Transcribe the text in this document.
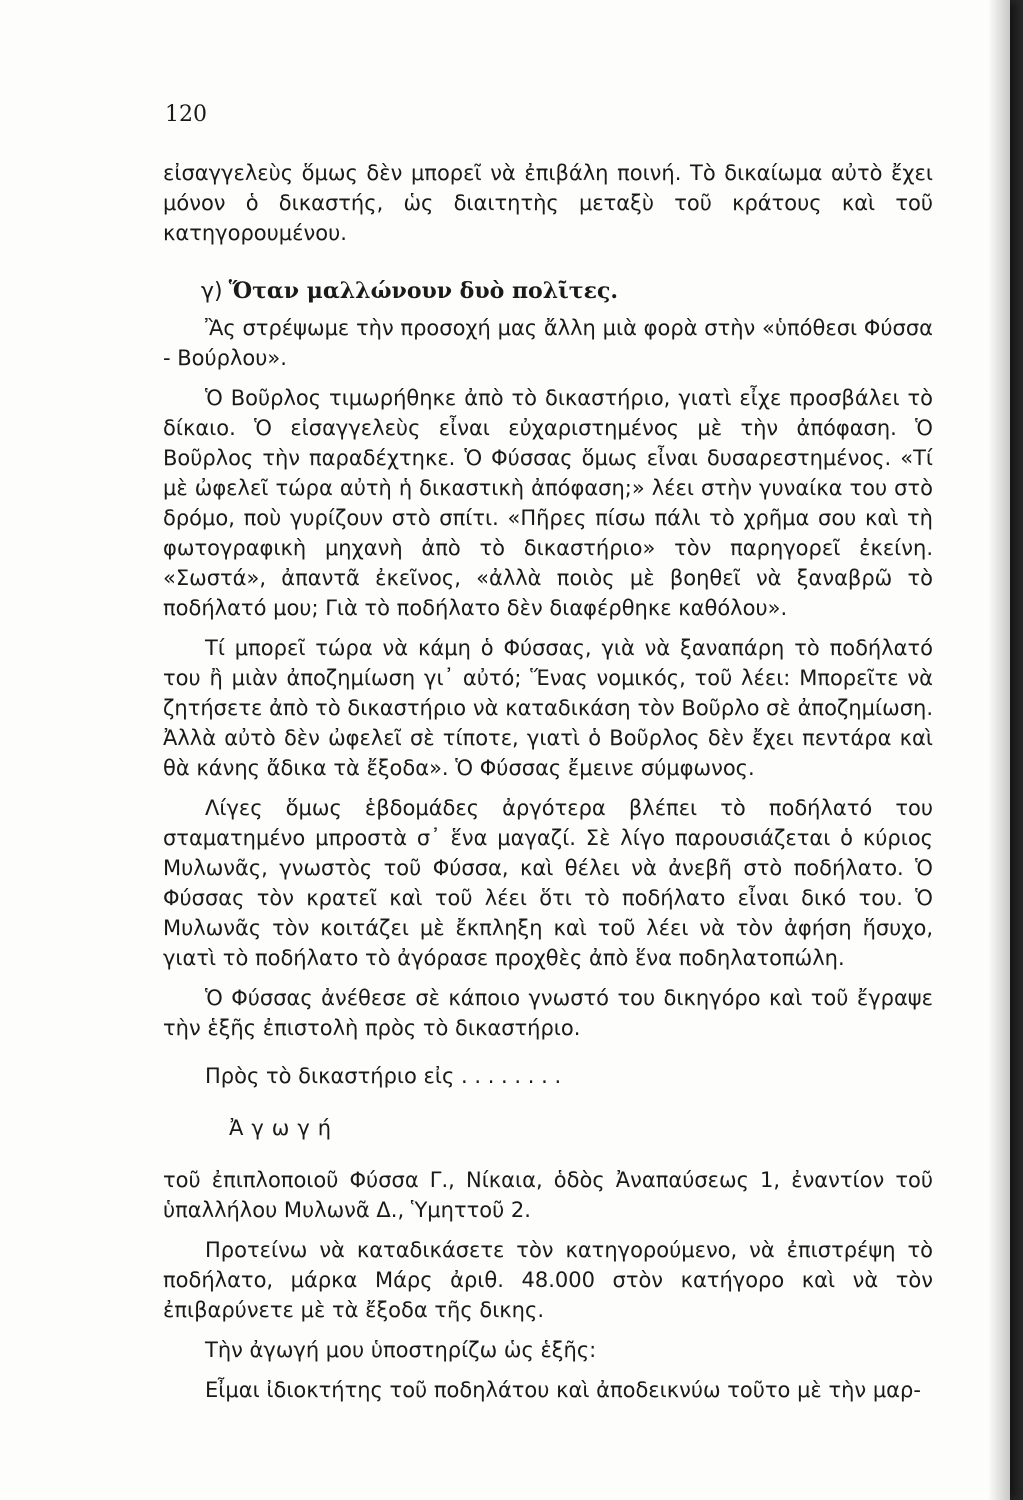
120

εἰσαγγελεὺς ὅμως δὲν μπορεῖ νὰ ἐπιβάλη ποινή. Τὸ δικαίωμα αὐτὸ ἔχει μόνον ὁ δικαστής, ὡς διαιτητὴς μεταξὺ τοῦ κράτους καὶ τοῦ κατηγορουμένου.

γ) Ὅταν μαλλώνουν δυὸ πολῖτες.

Ἂς στρέψωμε τὴν προσοχή μας ἄλλη μιὰ φορὰ στὴν «ὑπόθεσι Φύσσα - Βούρλου».

Ὁ Βοῦρλος τιμωρήθηκε ἀπὸ τὸ δικαστήριο, γιατὶ εἶχε προσβάλει τὸ δίκαιο. Ὁ εἰσαγγελεὺς εἶναι εὐχαριστημένος μὲ τὴν ἀπόφαση. Ὁ Βοῦρλος τὴν παραδέχτηκε. Ὁ Φύσσας ὅμως εἶναι δυσαρεστημένος. «Τί μὲ ὠφελεῖ τώρα αὐτὴ ἡ δικαστικὴ ἀπόφαση;» λέει στὴν γυναίκα του στὸ δρόμο, ποὺ γυρίζουν στὸ σπίτι. «Πῆρες πίσω πάλι τὸ χρῆμα σου καὶ τὴ φωτογραφικὴ μηχανὴ ἀπὸ τὸ δικαστήριο» τὸν παρηγορεῖ ἐκείνη. «Σωστά», ἀπαντᾶ ἐκεῖνος, «ἀλλὰ ποιὸς μὲ βοηθεῖ νὰ ξαναβρῶ τὸ ποδήλατό μου; Γιὰ τὸ ποδήλατο δὲν διαφέρθηκε καθόλου».

Τί μπορεῖ τώρα νὰ κάμη ὁ Φύσσας, γιὰ νὰ ξαναπάρη τὸ ποδήλατό του ἢ μιὰν ἀποζημίωση γι᾽ αὐτό; Ἕνας νομικός, τοῦ λέει: Μπορεῖτε νὰ ζητήσετε ἀπὸ τὸ δικαστήριο νὰ καταδικάση τὸν Βοῦρλο σὲ ἀποζημίωση. Ἀλλὰ αὐτὸ δὲν ὠφελεῖ σὲ τίποτε, γιατὶ ὁ Βοῦρλος δὲν ἔχει πεντάρα καὶ θὰ κάνης ἄδικα τὰ ἔξοδα». Ὁ Φύσσας ἔμεινε σύμφωνος.

Λίγες ὅμως ἑβδομάδες ἀργότερα βλέπει τὸ ποδήλατό του σταματημένο μπροστὰ σ᾽ ἕνα μαγαζί. Σὲ λίγο παρουσιάζεται ὁ κύριος Μυλωνᾶς, γνωστὸς τοῦ Φύσσα, καὶ θέλει νὰ ἀνεβῆ στὸ ποδήλατο. Ὁ Φύσσας τὸν κρατεῖ καὶ τοῦ λέει ὅτι τὸ ποδήλατο εἶναι δικό του. Ὁ Μυλωνᾶς τὸν κοιτάζει μὲ ἔκπληξη καὶ τοῦ λέει νὰ τὸν ἀφήση ἥσυχο, γιατὶ τὸ ποδήλατο τὸ ἀγόρασε προχθὲς ἀπὸ ἕνα ποδηλατοπώλη.

Ὁ Φύσσας ἀνέθεσε σὲ κάποιο γνωστό του δικηγόρο καὶ τοῦ ἔγραψε τὴν ἑξῆς ἐπιστολὴ πρὸς τὸ δικαστήριο.

Πρὸς τὸ δικαστήριο εἰς . . . . . . . .
Ἀγωγή

τοῦ ἐπιπλοποιοῦ Φύσσα Γ., Νίκαια, ὁδὸς Ἀναπαύσεως 1, ἐναντίον τοῦ ὑπαλλήλου Μυλωνᾶ Δ., Ὑμηττοῦ 2.

Προτείνω νὰ καταδικάσετε τὸν κατηγορούμενο, νὰ ἐπιστρέψη τὸ ποδήλατο, μάρκα Μάρς ἀριθ. 48.000 στὸν κατήγορο καὶ νὰ τὸν ἐπιβαρύνετε μὲ τὰ ἔξοδα τῆς δικης.

Τὴν ἀγωγή μου ὑποστηρίζω ὡς ἑξῆς:

Εἶμαι ἰδιοκτήτης τοῦ ποδηλάτου καὶ ἀποδεικνύω τοῦτο μὲ τὴν μαρ-
